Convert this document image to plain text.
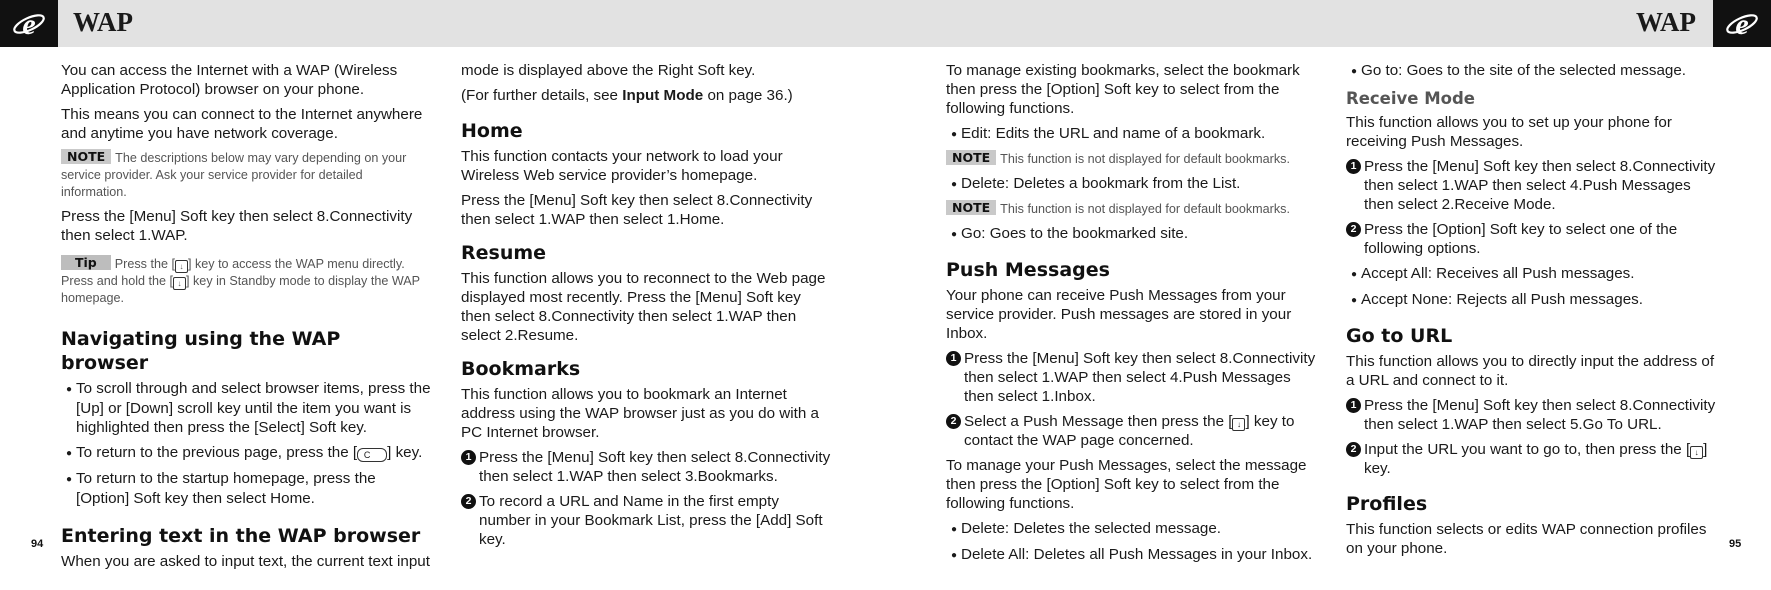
e WAP	WAP e

You can access the Internet with a WAP (Wireless Application Protocol) browser on your phone.

This means you can connect to the Internet anywhere and anytime you have network coverage.

NOTE The descriptions below may vary depending on your service provider. Ask your service provider for detailed information.

Press the [Menu] Soft key then select 8.Connectivity then select 1.WAP.

Tip Press the [ ↓ ] key to access the WAP menu directly. Press and hold the [ ↓ ] key in Standby mode to display the WAP homepage.
Navigating using the WAP browser
● To scroll through and select browser items, press the [Up] or [Down] scroll key until the item you want is highlighted then press the [Select] Soft key.
● To return to the previous page, press the [ C ] key.
● To return to the startup homepage, press the [Option] Soft key then select Home.
Entering text in the WAP browser

When you are asked to input text, the current text input

mode is displayed above the Right Soft key.

(For further details, see Input Mode on page 36.)

Home

This function contacts your network to load your Wireless Web service provider’s homepage.

Press the [Menu] Soft key then select 8.Connectivity then select 1.WAP then select 1.Home.

Resume

This function allows you to reconnect to the Web page displayed most recently. Press the [Menu] Soft key then select 8.Connectivity then select 1.WAP then select 2.Resume.

Bookmarks

This function allows you to bookmark an Internet address using the WAP browser just as you do with a PC Internet browser.

1 Press the [Menu] Soft key then select 8.Connectivity then select 1.WAP then select 3.Bookmarks.
2 To record a URL and Name in the first empty number in your Bookmark List, press the [Add] Soft key.

To manage existing bookmarks, select the bookmark then press the [Option] Soft key to select from the following functions.

● Edit: Edits the URL and name of a bookmark.
NOTE This function is not displayed for default bookmarks.
● Delete: Deletes a bookmark from the List.
NOTE This function is not displayed for default bookmarks.
● Go: Goes to the bookmarked site.
Push Messages

Your phone can receive Push Messages from your service provider. Push messages are stored in your Inbox.

1 Press the [Menu] Soft key then select 8.Connectivity then select 1.WAP then select 4.Push Messages then select 1.Inbox.
2 Select a Push Message then press the [ ↓ ] key to contact the WAP page concerned.

To manage your Push Messages, select the message then press the [Option] Soft key to select from the following functions.

● Delete: Deletes the selected message.
● Delete All: Deletes all Push Messages in your Inbox.
● Go to: Goes to the site of the selected message.
Receive Mode

This function allows you to set up your phone for receiving Push Messages.

1 Press the [Menu] Soft key then select 8.Connectivity then select 1.WAP then select 4.Push Messages then select 2.Receive Mode.
2 Press the [Option] Soft key to select one of the following options.
● Accept All: Receives all Push messages.
● Accept None: Rejects all Push messages.
Go to URL

This function allows you to directly input the address of a URL and connect to it.

1 Press the [Menu] Soft key then select 8.Connectivity then select 1.WAP then select 5.Go To URL.
2 Input the URL you want to go to, then press the [ ↓ ] key.
Profiles

This function selects or edits WAP connection profiles on your phone.

94	95
